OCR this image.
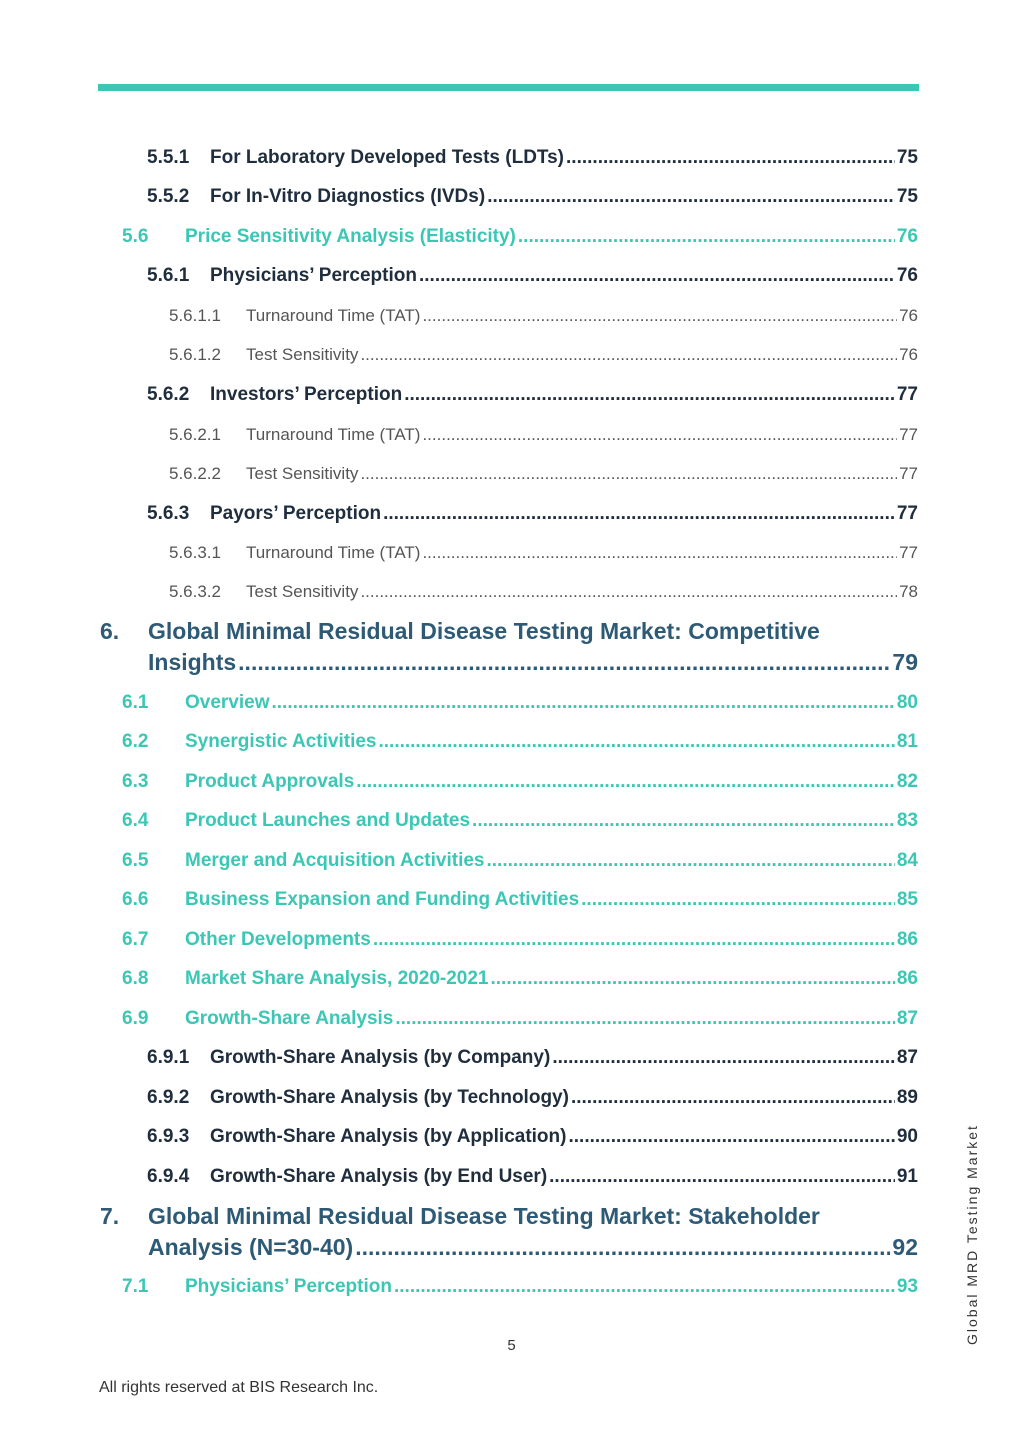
5.5.1	For Laboratory Developed Tests (LDTs) .....	75
5.5.2	For In-Vitro Diagnostics (IVDs) .....	75
5.6	Price Sensitivity Analysis (Elasticity) .....	76
5.6.1	Physicians’ Perception .....	76
5.6.1.1	Turnaround Time (TAT) .....	76
5.6.1.2	Test Sensitivity .....	76
5.6.2	Investors’ Perception .....	77
5.6.2.1	Turnaround Time (TAT) .....	77
5.6.2.2	Test Sensitivity .....	77
5.6.3	Payors’ Perception .....	77
5.6.3.1	Turnaround Time (TAT) .....	77
5.6.3.2	Test Sensitivity .....	78
6. Global Minimal Residual Disease Testing Market: Competitive
Insights .....	79
6.1	Overview .....	80
6.2	Synergistic Activities .....	81
6.3	Product Approvals .....	82
6.4	Product Launches and Updates .....	83
6.5	Merger and Acquisition Activities .....	84
6.6	Business Expansion and Funding Activities .....	85
6.7	Other Developments .....	86
6.8	Market Share Analysis, 2020-2021 .....	86
6.9	Growth-Share Analysis .....	87
6.9.1	Growth-Share Analysis (by Company) .....	87
6.9.2	Growth-Share Analysis (by Technology) .....	89
6.9.3	Growth-Share Analysis (by Application) .....	90
6.9.4	Growth-Share Analysis (by End User) .....	91
7. Global Minimal Residual Disease Testing Market: Stakeholder
Analysis (N=30-40) .....	92
7.1	Physicians’ Perception .....	93	Global MRD Testing Market
5
All rights reserved at BIS Research Inc.
